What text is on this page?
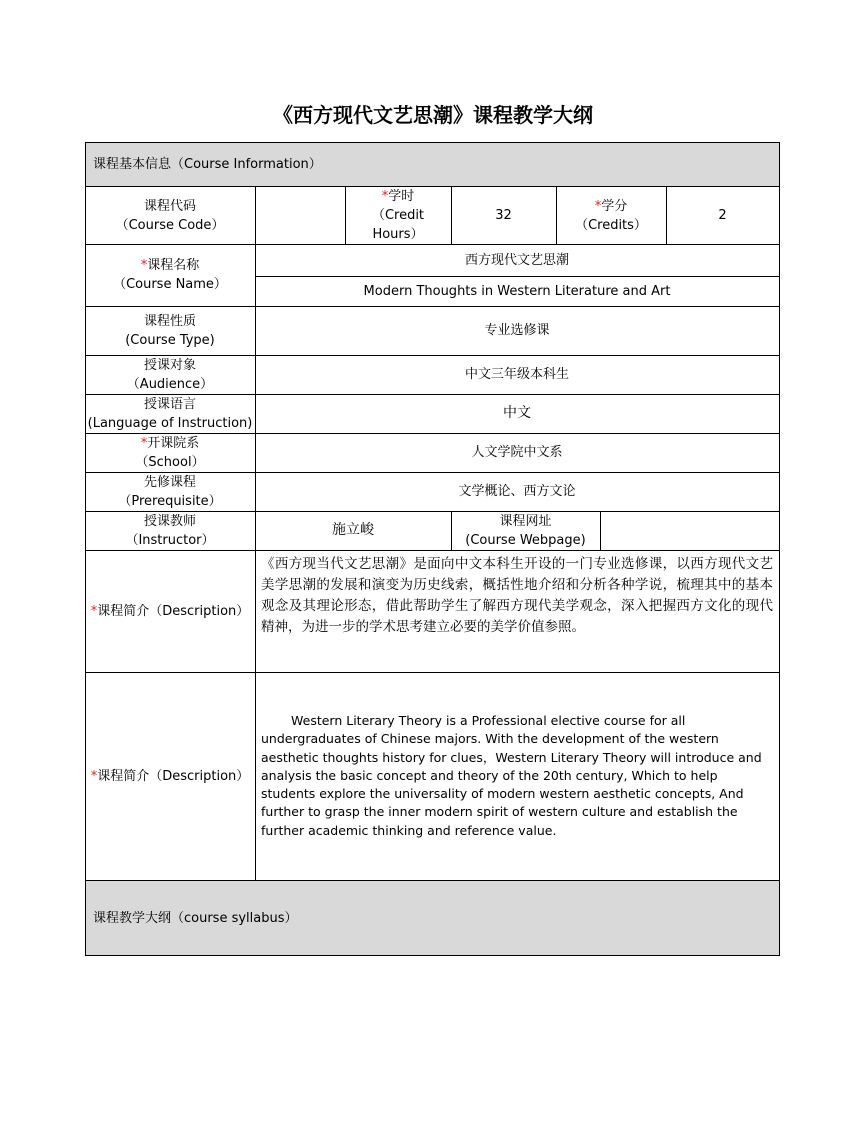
《西方现代文艺思潮》课程教学大纲
课程基本信息（Course Information）
课程代码
（Course Code）
*学时
（Credit
Hours）
32
*学分
（Credits）
2
*课程名称
（Course Name）
西方现代文艺思潮
Modern Thoughts in Western Literature and Art
课程性质
(Course Type)
专业选修课
授课对象
（Audience）
中文三年级本科生
授课语言
(Language of Instruction)
中文
*开课院系
（School）
人文学院中文系
先修课程
（Prerequisite）
文学概论、西方文论
授课教师
（Instructor）
施立峻
课程网址
(Course Webpage)
*课程简介（Description）
《西方现当代文艺思潮》是面向中文本科生开设的一门专业选修课，以西方现代文艺美学思潮的发展和演变为历史线索，概括性地介绍和分析各种学说，梳理其中的基本观念及其理论形态，借此帮助学生了解西方现代美学观念，深入把握西方文化的现代精神，为进一步的学术思考建立必要的美学价值参照。
*课程简介（Description）
Western Literary Theory is a Professional elective course for all undergraduates of Chinese majors. With the development of the western aesthetic thoughts history for clues，Western Literary Theory will introduce and analysis the basic concept and theory of the 20th century, Which to help students explore the universality of modern western aesthetic concepts, And further to grasp the inner modern spirit of western culture and establish the further academic thinking and reference value.
课程教学大纲（course syllabus）
